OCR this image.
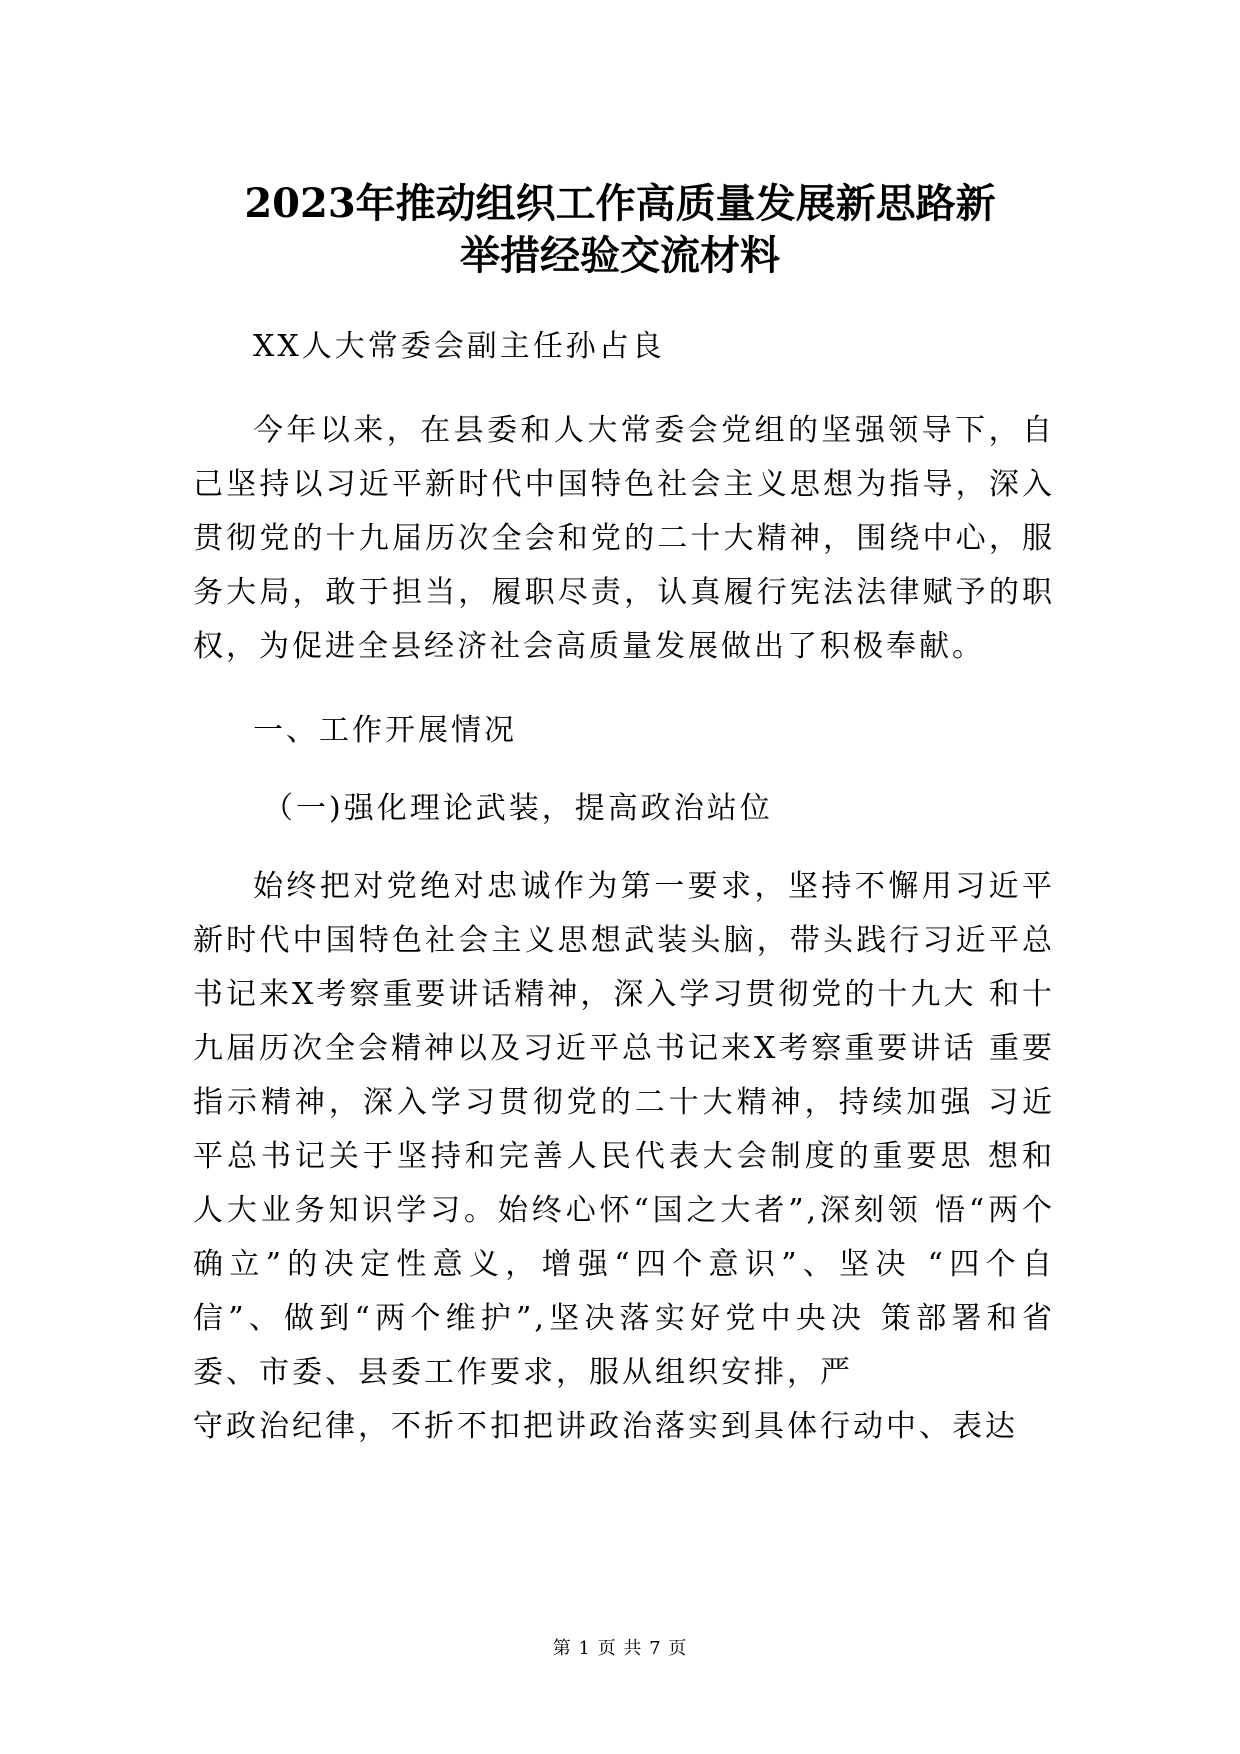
2023年推动组织工作高质量发展新思路新
举措经验交流材料

XX人大常委会副主任孙占良

今年以来，在县委和人大常委会党组的坚强领导下，自己坚持以习近平新时代中国特色社会主义思想为指导，深入贯彻党的十九届历次全会和党的二十大精神，围绕中心，服务大局，敢于担当，履职尽责，认真履行宪法法律赋予的职权，为促进全县经济社会高质量发展做出了积极奉献。

一、工作开展情况

（一)强化理论武装，提高政治站位

始终把对党绝对忠诚作为第一要求，坚持不懈用习近平新时代中国特色社会主义思想武装头脑，带头践行习近平总书记来X考察重要讲话精神，深入学习贯彻党的十九大 和十九届历次全会精神以及习近平总书记来X考察重要讲话 重要指示精神，深入学习贯彻党的二十大精神，持续加强 习近平总书记关于坚持和完善人民代表大会制度的重要思 想和人大业务知识学习。始终心怀“国之大者”,深刻领 悟“两个确立”的决定性意义，增强“四个意识”、坚决 “四个自信”、做到“两个维护”,坚决落实好党中央决 策部署和省委、市委、县委工作要求，服从组织安排，严

守政治纪律，不折不扣把讲政治落实到具体行动中、表达

第 1 页 共 7 页
